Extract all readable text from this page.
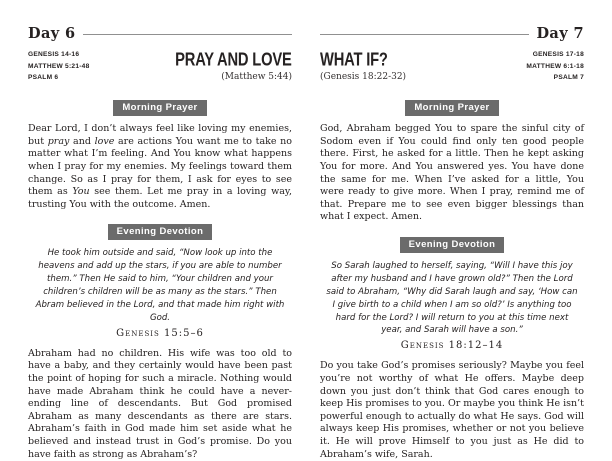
Day 6
GENESIS 14-16
MATTHEW 5:21-48
PSALM 6
PRAY AND LOVE
(Matthew 5:44)
Morning Prayer

Dear Lord, I don’t always feel like loving my enemies, but pray and love are actions You want me to take no matter what I’m feeling. And You know what happens when I pray for my enemies. My feelings toward them change. So as I pray for them, I ask for eyes to see them as You see them. Let me pray in a loving way, trusting You with the outcome. Amen.

Evening Devotion

He took him outside and said, “Now look up into the heavens and add up the stars, if you are able to number them.” Then He said to him, “Your children and your children’s children will be as many as the stars.” Then Abram believed in the Lord, and that made him right with God.

Genesis 15:5–6

Abraham had no children. His wife was too old to have a baby, and they certainly would have been past the point of hoping for such a miracle. Nothing would have made Abraham think he could have a never-ending line of descendants. But God promised Abraham as many descendants as there are stars. Abraham’s faith in God made him set aside what he believed and instead trust in God’s promise. Do you have faith as strong as Abraham’s?

Day 7
WHAT IF?
(Genesis 18:22-32)
GENESIS 17-18
MATTHEW 6:1-18
PSALM 7
Morning Prayer

God, Abraham begged You to spare the sinful city of Sodom even if You could find only ten good people there. First, he asked for a little. Then he kept asking You for more. And You answered yes. You have done the same for me. When I’ve asked for a little, You were ready to give more. When I pray, remind me of that. Prepare me to see even bigger blessings than what I expect. Amen.

Evening Devotion

So Sarah laughed to herself, saying, “Will I have this joy after my husband and I have grown old?” Then the Lord said to Abraham, “Why did Sarah laugh and say, ‘How can I give birth to a child when I am so old?’ Is anything too hard for the Lord? I will return to you at this time next year, and Sarah will have a son.”

Genesis 18:12–14

Do you take God’s promises seriously? Maybe you feel you’re not worthy of what He offers. Maybe deep down you just don’t think that God cares enough to keep His promises to you. Or maybe you think He isn’t powerful enough to actually do what He says. God will always keep His promises, whether or not you believe it. He will prove Himself to you just as He did to Abraham’s wife, Sarah.
